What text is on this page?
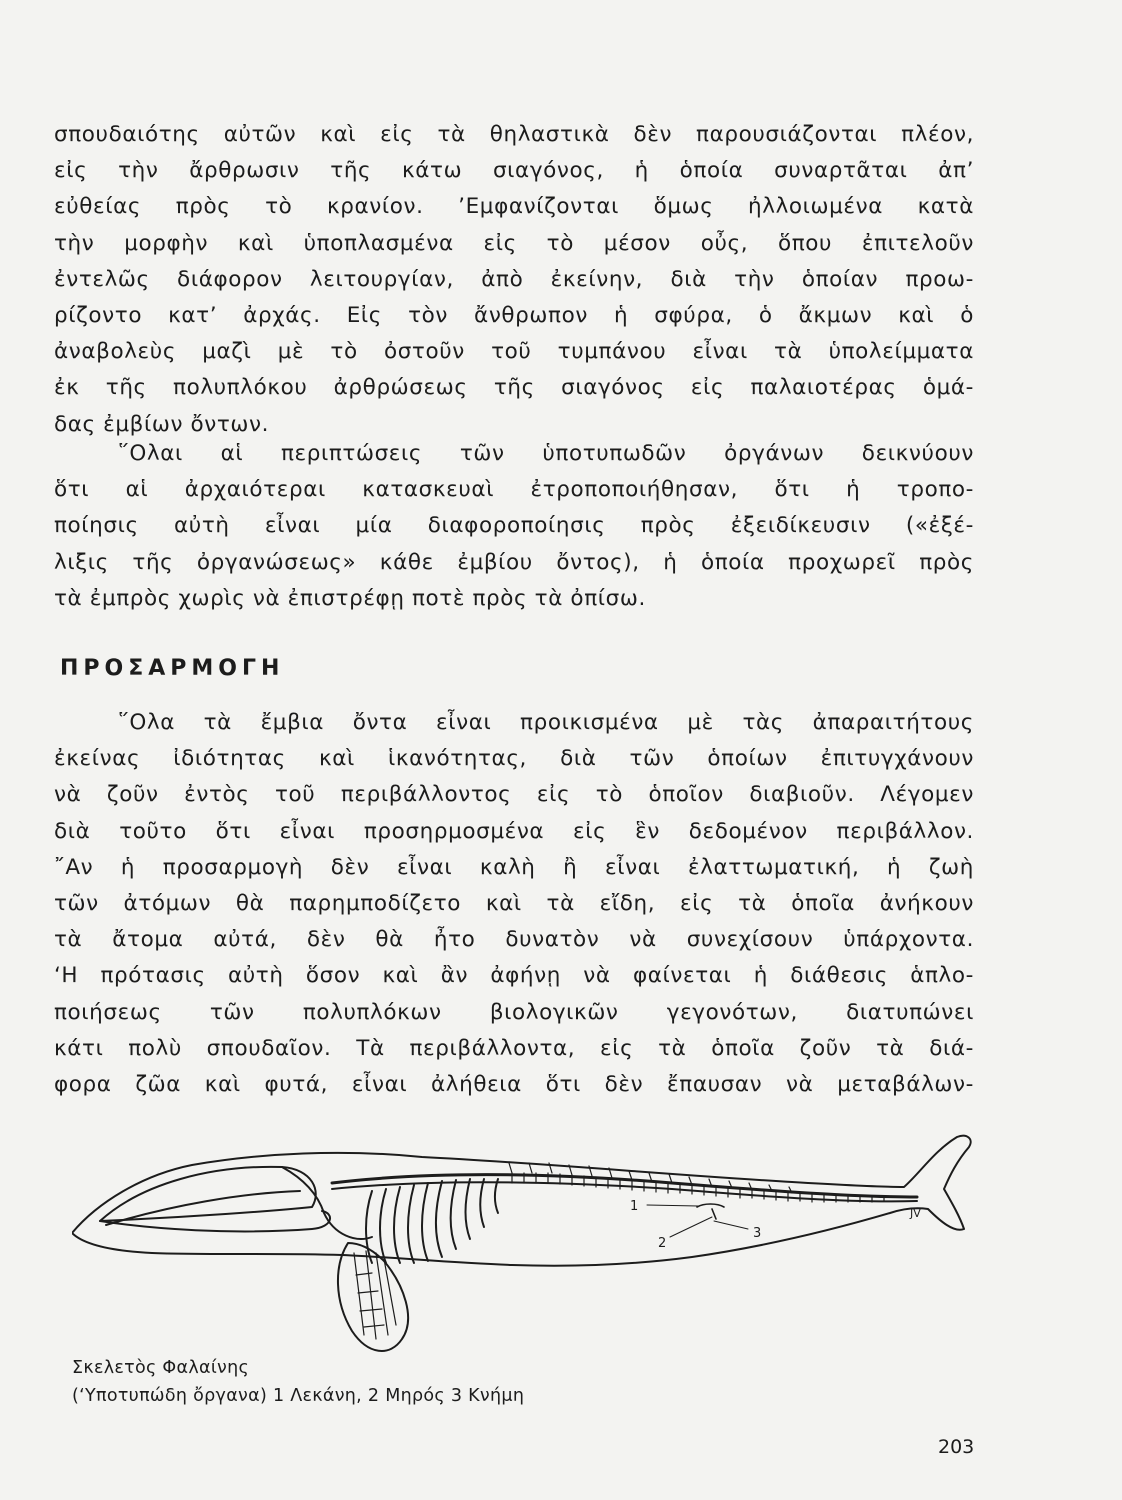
σπουδαιότης αὐτῶν καὶ εἰς τὰ θηλαστικὰ δὲν παρουσιάζονται πλέον,
εἰς τὴν ἄρθρωσιν τῆς κάτω σιαγόνος, ἡ ὁποία συναρτᾶται ἀπ’
εὐθείας πρὸς τὸ κρανίον. ’Εμφανίζονται ὅμως ἠλλοιωμένα κατὰ
τὴν μορφὴν καὶ ὑποπλασμένα εἰς τὸ μέσον οὖς, ὅπου ἐπιτελοῦν
ἐντελῶς διάφορον λειτουργίαν, ἀπὸ ἐκείνην, διὰ τὴν ὁποίαν προω-
ρίζοντο κατ’ ἀρχάς. Εἰς τὸν ἄνθρωπον ἡ σφύρα, ὁ ἄκμων καὶ ὁ
ἀναβολεὺς μαζὶ μὲ τὸ ὀστοῦν τοῦ τυμπάνου εἶναι τὰ ὑπολείμματα
ἐκ τῆς πολυπλόκου ἀρθρώσεως τῆς σιαγόνος εἰς παλαιοτέρας ὁμά-
δας ἐμβίων ὄντων.
῞Ολαι αἱ περιπτώσεις τῶν ὑποτυπωδῶν ὀργάνων δεικνύουν
ὅτι αἱ ἀρχαιότεραι κατασκευαὶ ἐτροποποιήθησαν, ὅτι ἡ τροπο-
ποίησις αὐτὴ εἶναι μία διαφοροποίησις πρὸς ἐξειδίκευσιν («ἐξέ-
λιξις τῆς ὀργανώσεως» κάθε ἐμβίου ὄντος), ἡ ὁποία προχωρεῖ πρὸς
τὰ ἐμπρὸς χωρὶς νὰ ἐπιστρέφῃ ποτὲ πρὸς τὰ ὀπίσω.
ΠΡΟΣΑΡΜΟΓΗ
῞Ολα τὰ ἔμβια ὄντα εἶναι προικισμένα μὲ τὰς ἀπαραιτήτους
ἐκείνας ἰδιότητας καὶ ἱκανότητας, διὰ τῶν ὁποίων ἐπιτυγχάνουν
νὰ ζοῦν ἐντὸς τοῦ περιβάλλοντος εἰς τὸ ὁποῖον διαβιοῦν. Λέγομεν
διὰ τοῦτο ὅτι εἶναι προσηρμοσμένα εἰς ἓν δεδομένον περιβάλλον.
῎Αν ἡ προσαρμογὴ δὲν εἶναι καλὴ ἢ εἶναι ἐλαττωματική, ἡ ζωὴ
τῶν ἀτόμων θὰ παρημποδίζετο καὶ τὰ εἴδη, εἰς τὰ ὁποῖα ἀνήκουν
τὰ ἄτομα αὐτά, δὲν θὰ ἦτο δυνατὸν νὰ συνεχίσουν ὑπάρχοντα.
‘Η πρότασις αὐτὴ ὅσον καὶ ἂν ἀφήνῃ νὰ φαίνεται ἡ διάθεσις ἁπλο-
ποιήσεως τῶν πολυπλόκων βιολογικῶν γεγονότων, διατυπώνει
κάτι πολὺ σπουδαῖον. Τὰ περιβάλλοντα, εἰς τὰ ὁποῖα ζοῦν τὰ διά-
φορα ζῶα καὶ φυτά, εἶναι ἀλήθεια ὅτι δὲν ἔπαυσαν νὰ μεταβάλων-
1
2
3
JV
Σκελετὸς Φαλαίνης
(‘Υποτυπώδη ὄργανα) 1 Λεκάνη, 2 Μηρός 3 Κνήμη
203
